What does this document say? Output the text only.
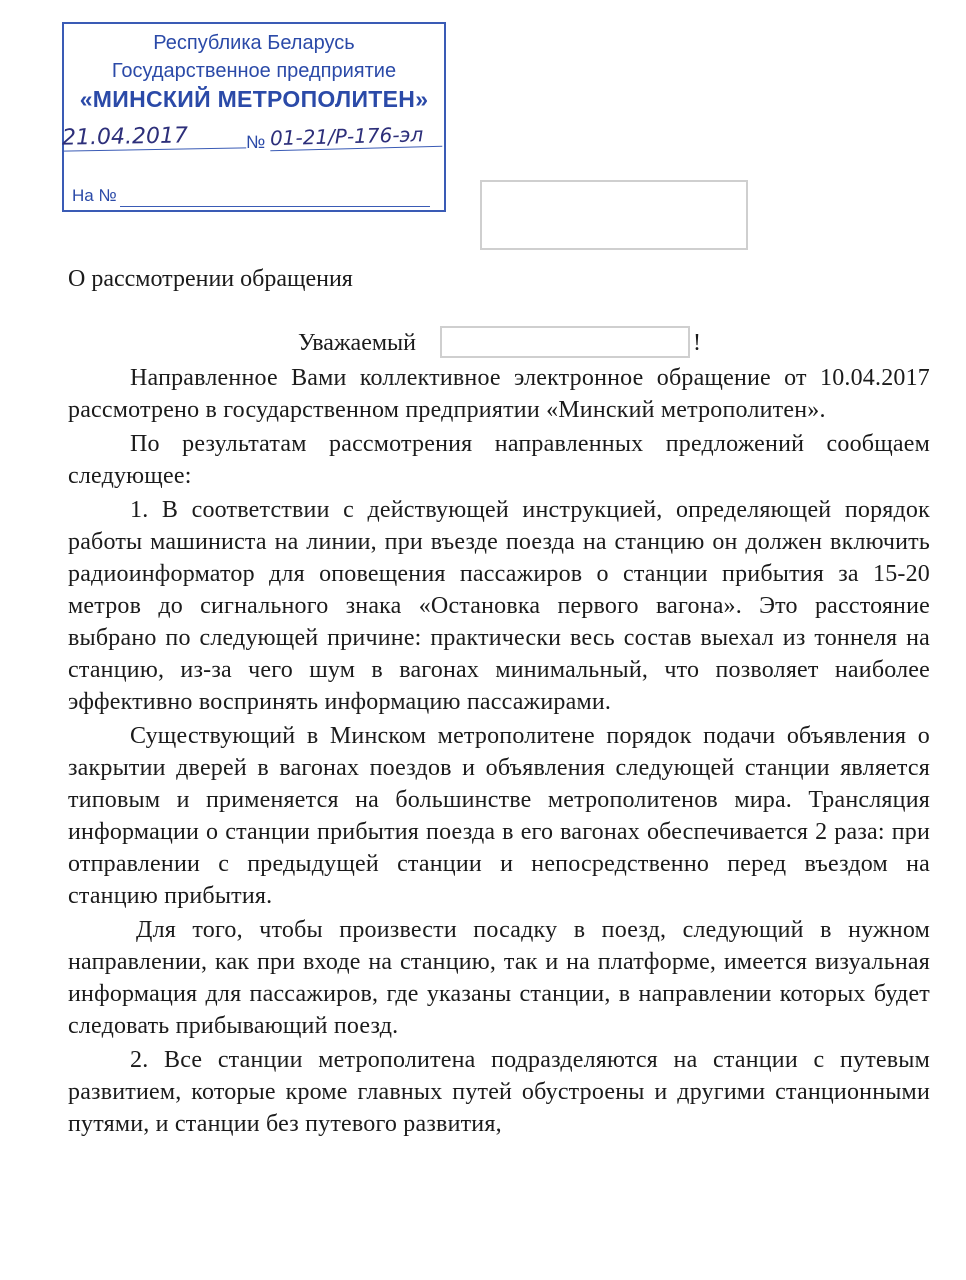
Республика Беларусь
Государственное предприятие
«МИНСКИЙ МЕТРОПОЛИТЕН»
21.04.2017	№ 01-21/Р-176-эл
На №
О рассмотрении обращения
Уважаемый	!

Направленное Вами коллективное электронное обращение от 10.04.2017 рассмотрено в государственном предприятии «Минский метрополитен».

По результатам рассмотрения направленных предложений сообщаем следующее:

1. В соответствии с действующей инструкцией, определяющей порядок работы машиниста на линии, при въезде поезда на станцию он должен включить радиоинформатор для оповещения пассажиров о станции прибытия за 15-20 метров до сигнального знака «Остановка первого вагона». Это расстояние выбрано по следующей причине: практически весь состав выехал из тоннеля на станцию, из-за чего шум в вагонах минимальный, что позволяет наиболее эффективно воспринять информацию пассажирами.

Существующий в Минском метрополитене порядок подачи объявления о закрытии дверей в вагонах поездов и объявления следующей станции является типовым и применяется на большинстве метрополитенов мира. Трансляция информации о станции прибытия поезда в его вагонах обеспечивается 2 раза: при отправлении с предыдущей станции и непосредственно перед въездом на станцию прибытия.

Для того, чтобы произвести посадку в поезд, следующий в нужном направлении, как при входе на станцию, так и на платформе, имеется визуальная информация для пассажиров, где указаны станции, в направлении которых будет следовать прибывающий поезд.

2. Все станции метрополитена подразделяются на станции с путевым развитием, которые кроме главных путей обустроены и другими станционными путями, и станции без путевого развития,
